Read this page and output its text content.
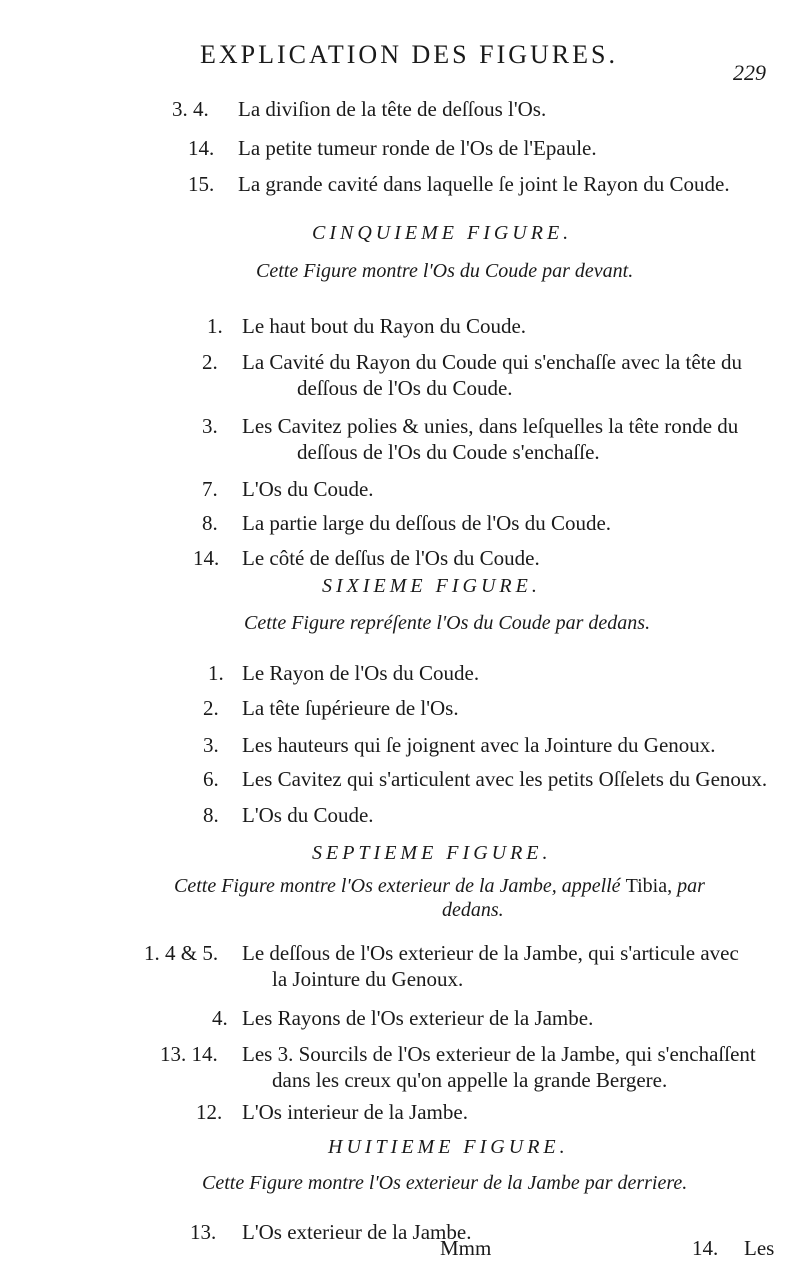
EXPLICATION DES FIGURES.
229
3. 4. La diviſion de la tête de deſſous l'Os.
14. La petite tumeur ronde de l'Os de l'Epaule.
15. La grande cavité dans laquelle ſe joint le Rayon du Coude.
CINQUIEME FIGURE.
Cette Figure montre l'Os du Coude par devant.
1. Le haut bout du Rayon du Coude.
2. La Cavité du Rayon du Coude qui s'enchaſſe avec la tête du
deſſous de l'Os du Coude.
3. Les Cavitez polies & unies, dans leſquelles la tête ronde du
deſſous de l'Os du Coude s'enchaſſe.
7. L'Os du Coude.
8. La partie large du deſſous de l'Os du Coude.
14. Le côté de deſſus de l'Os du Coude.
SIXIEME FIGURE.
Cette Figure repréſente l'Os du Coude par dedans.
1. Le Rayon de l'Os du Coude.
2. La tête ſupérieure de l'Os.
3. Les hauteurs qui ſe joignent avec la Jointure du Genoux.
6. Les Cavitez qui s'articulent avec les petits Oſſelets du Genoux.
8. L'Os du Coude.
SEPTIEME FIGURE.
Cette Figure montre l'Os exterieur de la Jambe, appellé Tibia, par
dedans.
1. 4 & 5. Le deſſous de l'Os exterieur de la Jambe, qui s'articule avec
la Jointure du Genoux.
4. Les Rayons de l'Os exterieur de la Jambe.
13. 14. Les 3. Sourcils de l'Os exterieur de la Jambe, qui s'enchaſſent
dans les creux qu'on appelle la grande Bergere.
12. L'Os interieur de la Jambe.
HUITIEME FIGURE.
Cette Figure montre l'Os exterieur de la Jambe par derriere.
13. L'Os exterieur de la Jambe.
Mmm	14. Les
